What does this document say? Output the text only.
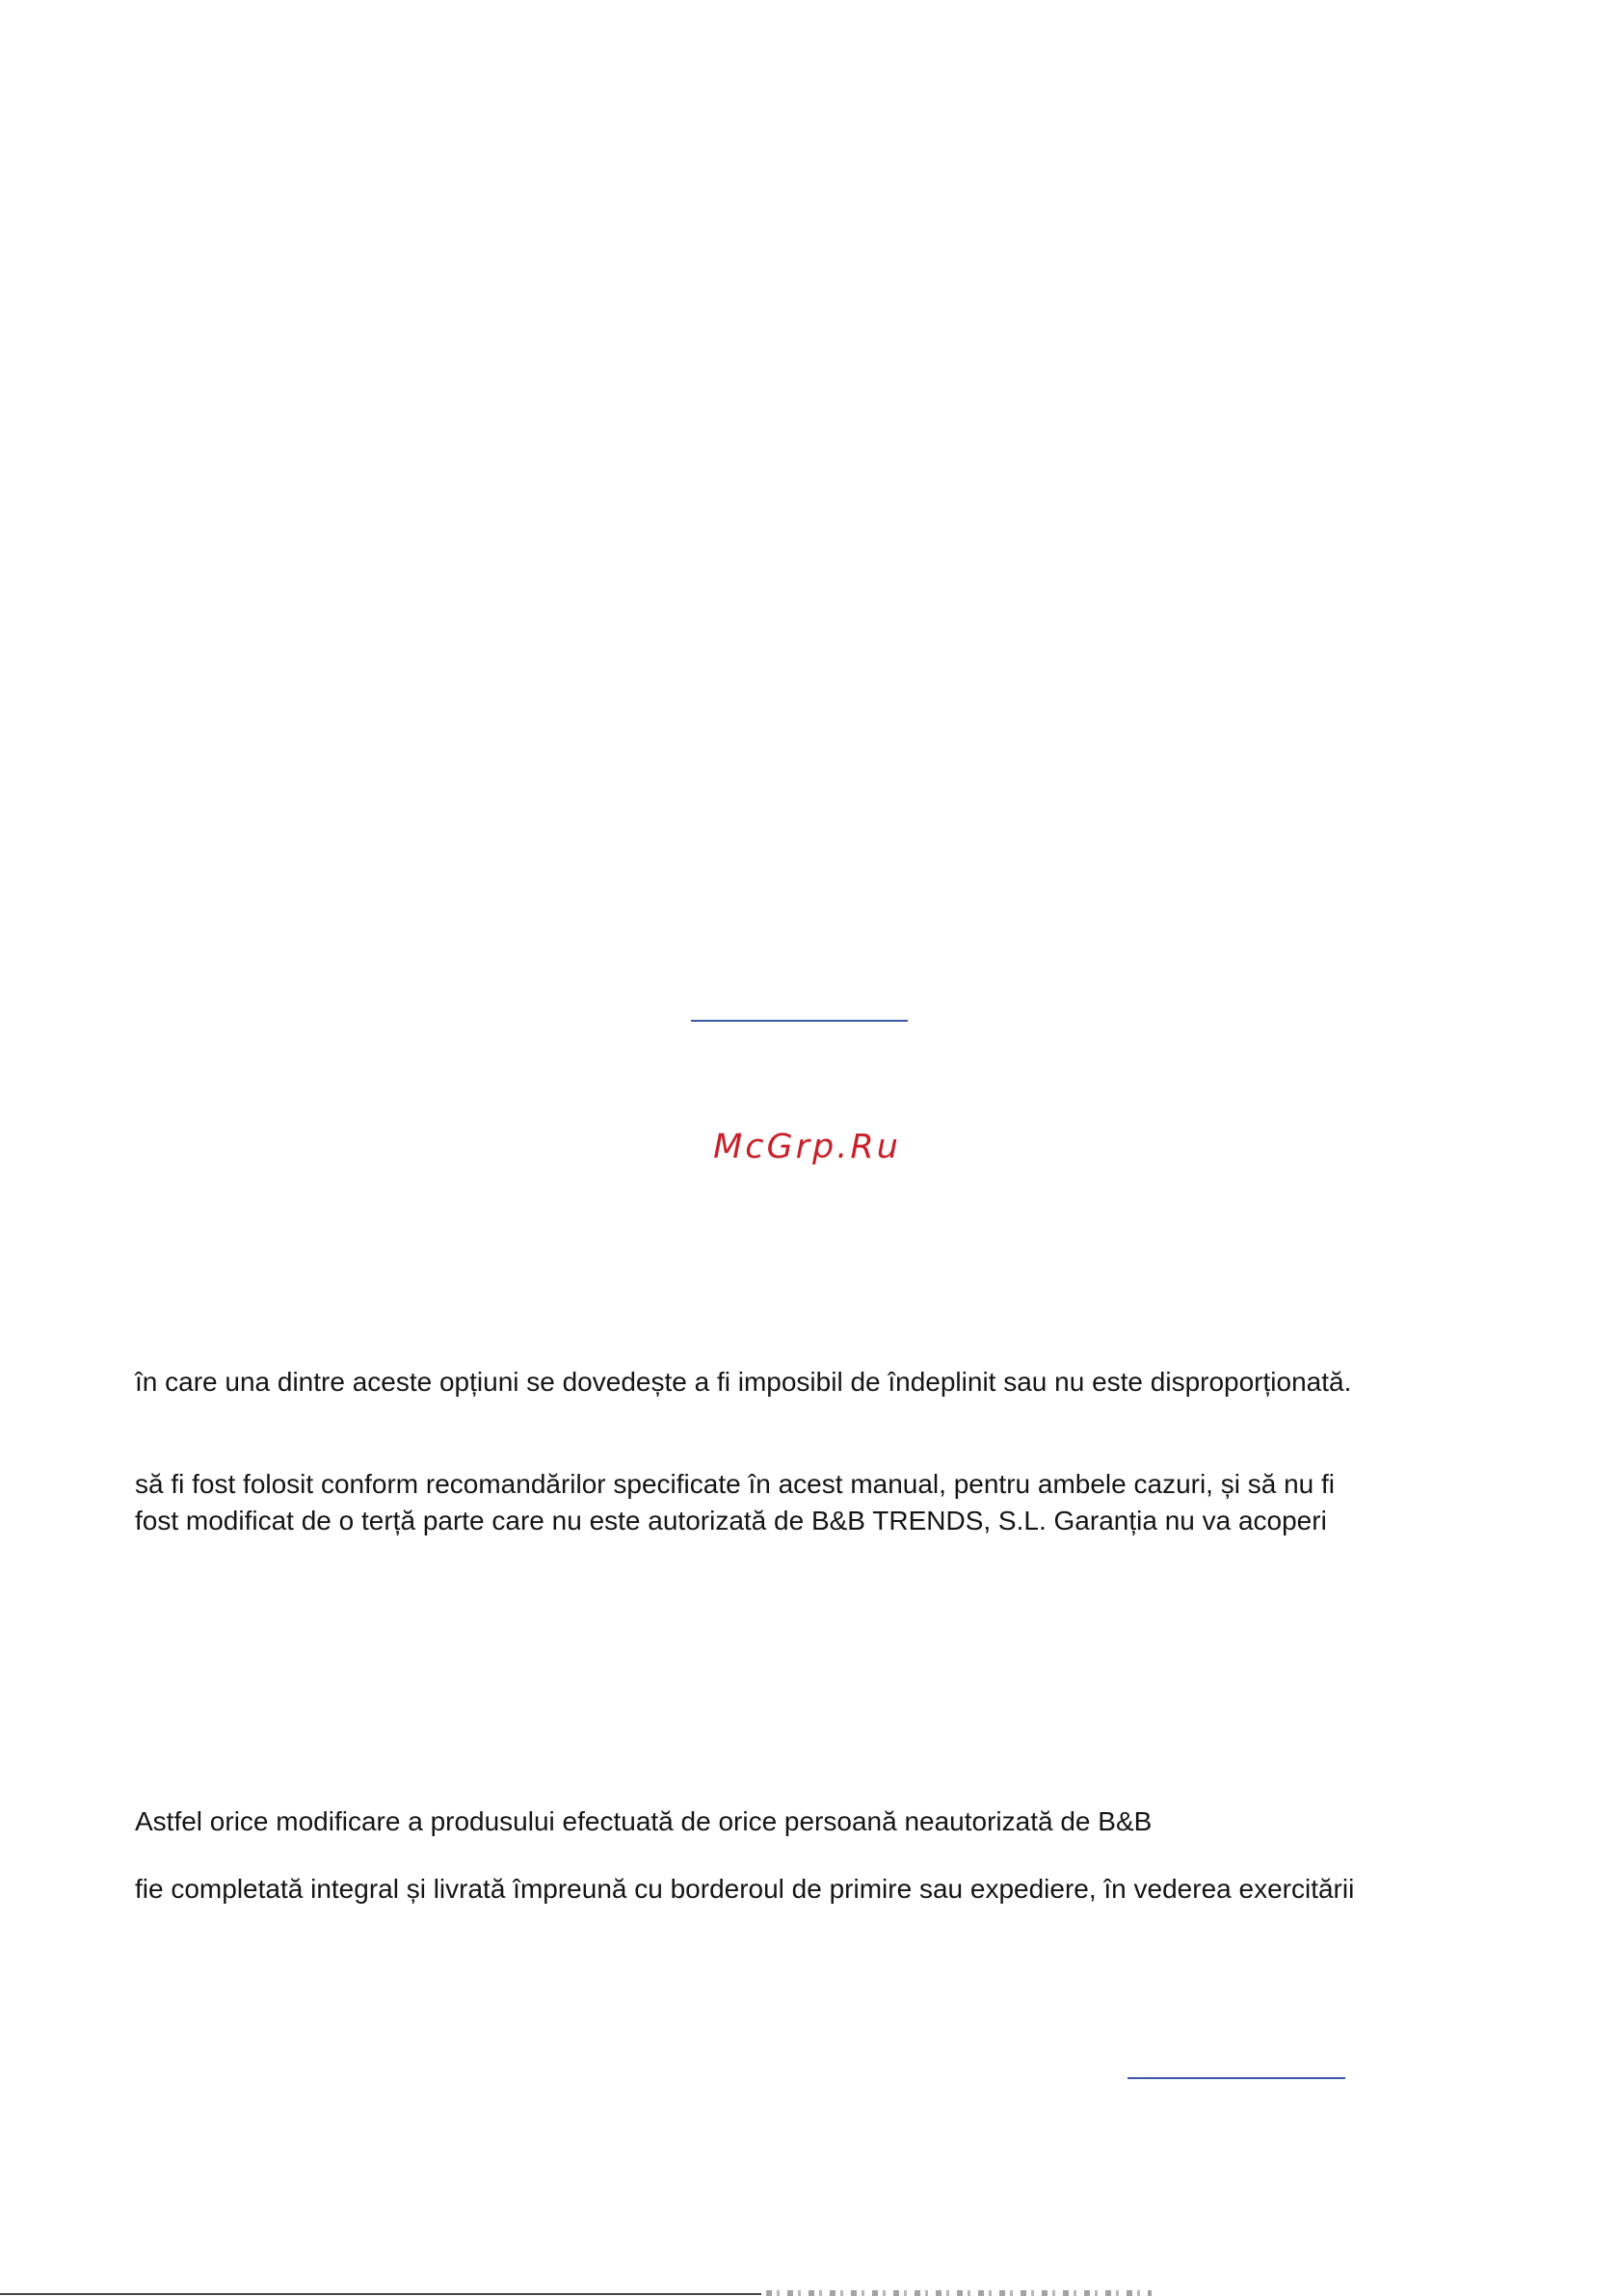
McGrp.Ru
în care una dintre aceste opțiuni se dovedește a fi imposibil de îndeplinit sau nu este disproporționată.
să fi fost folosit conform recomandărilor specificate în acest manual, pentru ambele cazuri, și să nu fi
fost modificat de o terță parte care nu este autorizată de B&B TRENDS, S.L. Garanția nu va acoperi
Astfel orice modificare a produsului efectuată de orice persoană neautorizată de B&B
fie completată integral și livrată împreună cu borderoul de primire sau expediere, în vederea exercitării
